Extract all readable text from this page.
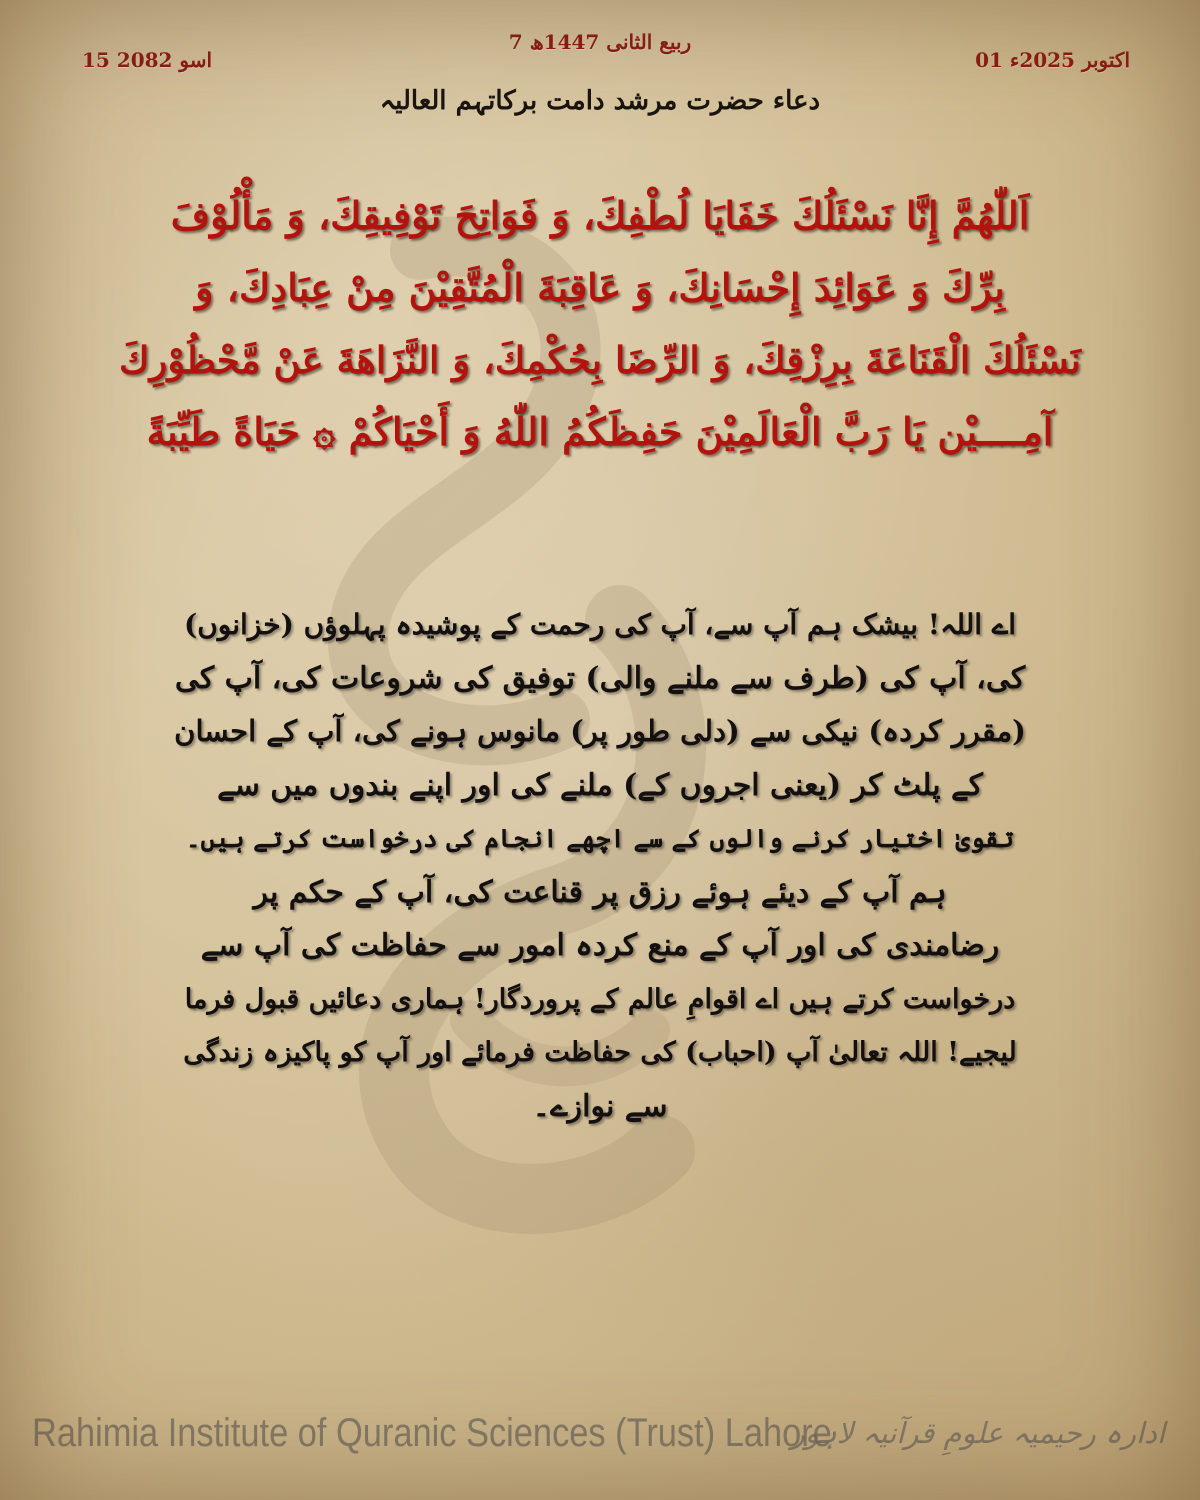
7 ربیع الثانی 1447ھ
01 اکتوبر 2025ء
15 اسو 2082
دعاء حضرت مرشد دامت برکاتہم العالیہ
اَللّٰهُمَّ إِنَّا نَسْئَلُكَ خَفَايَا لُطْفِكَ، وَ فَوَاتِحَ تَوْفِيقِكَ، وَ مَأْلُوْفَ
بِرِّكَ وَ عَوَائِدَ إِحْسَانِكَ، وَ عَاقِبَةَ الْمُتَّقِيْنَ مِنْ عِبَادِكَ، وَ
نَسْئَلُكَ الْقَنَاعَةَ بِرِزْقِكَ، وَ الرِّضَا بِحُكْمِكَ، وَ النَّزَاهَةَ عَنْ مَّحْظُوْرِكَ
آمِــــيْن يَا رَبَّ الْعَالَمِيْنَ حَفِظَكُمُ اللّٰهُ وَ أَحْيَاكُمْ ۞ حَيَاةً طَيِّبَةً
اے اللہ! بیشک ہم آپ سے، آپ کی رحمت کے پوشیدہ پہلوؤں (خزانوں)
کی، آپ کی (طرف سے ملنے والی) توفیق کی شروعات کی، آپ کی
(مقرر کردہ) نیکی سے (دلی طور پر) مانوس ہونے کی، آپ کے احسان
کے پلٹ کر (یعنی اجروں کے) ملنے کی اور اپنے بندوں میں سے
تقویٰ اختیار کرنے والوں کے سے اچھے انجام کی درخواست کرتے ہیں۔
ہم آپ کے دیئے ہوئے رزق پر قناعت کی، آپ کے حکم پر
رضامندی کی اور آپ کے منع کردہ امور سے حفاظت کی آپ سے
درخواست کرتے ہیں اے اقوامِ عالم کے پروردگار! ہماری دعائیں قبول فرما
لیجیے! اللہ تعالیٰ آپ (احباب) کی حفاظت فرمائے اور آپ کو پاکیزہ زندگی
سے نوازے۔
Rahimia Institute of Quranic Sciences (Trust) Lahore
ادارہ رحیمیہ علومِ قرآنیہ لاہور
